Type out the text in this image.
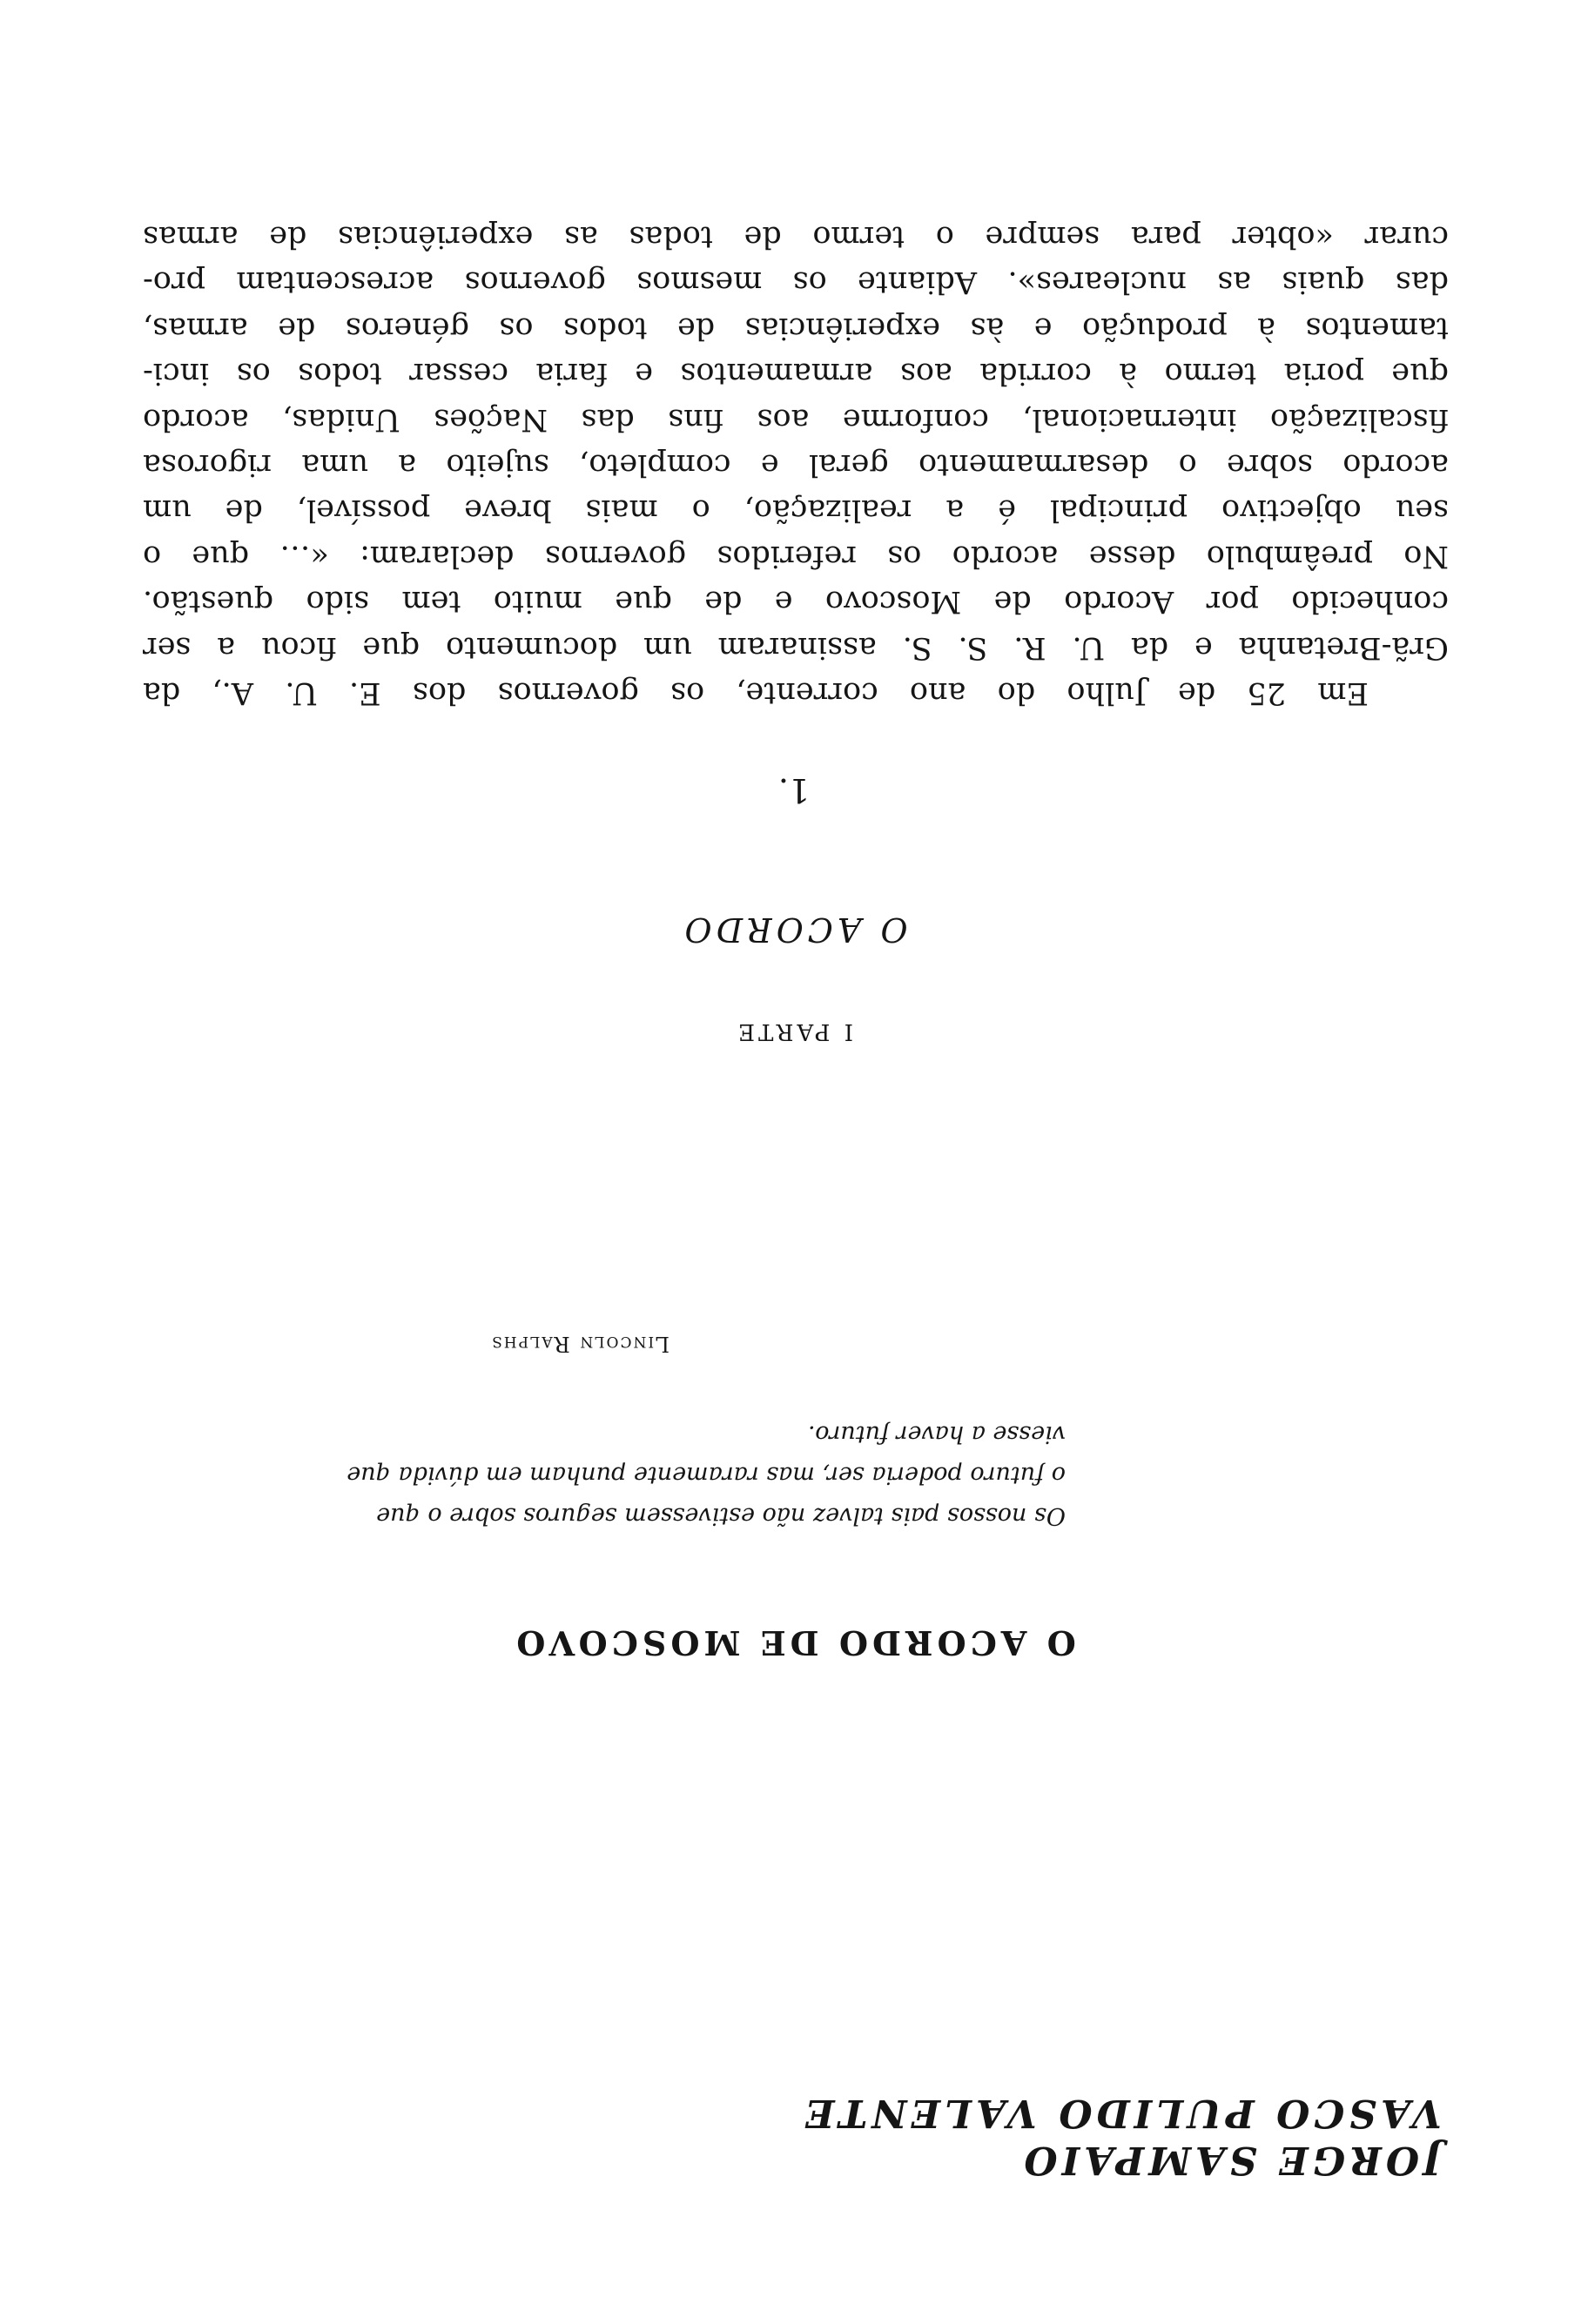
JORGE SAMPAIO
VASCO PULIDO VALENTE
O ACORDO DE MOSCOVO
Os nossos pais talvez não estivessem seguros sobre o que
o futuro poderia ser, mas raramente punham em dúvida que
viesse a haver futuro.
Lincoln Ralphs
I PARTE
O ACORDO
1.
Em 25 de Julho do ano corrente, os governos dos E. U. A., da
Grã-Bretanha e da U. R. S. S. assinaram um documento que ficou a ser
conhecido por Acordo de Moscovo e de que muito tem sido questão.
No preâmbulo desse acordo os referidos governos declaram: «… que o
seu objectivo principal é a realização, o mais breve possível, de um
acordo sobre o desarmamento geral e completo, sujeito a uma rigorosa
fiscalização internacional, conforme aos fins das Nações Unidas, acordo
que poria termo à corrida aos armamentos e faria cessar todos os inci-
tamentos à produção e às experiências de todos os géneros de armas,
das quais as nucleares». Adiante os mesmos governos acrescentam pro-
curar «obter para sempre o termo de todas as experiências de armas
